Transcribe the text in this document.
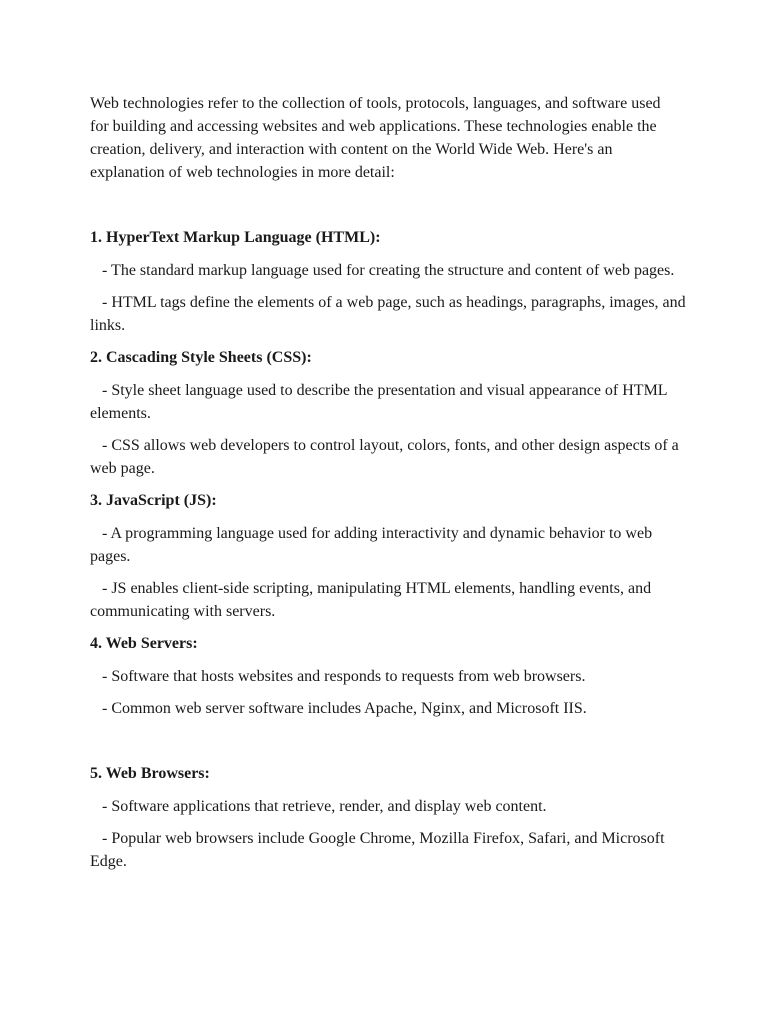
Web technologies refer to the collection of tools, protocols, languages, and software used for building and accessing websites and web applications. These technologies enable the creation, delivery, and interaction with content on the World Wide Web. Here's an explanation of web technologies in more detail:

1. HyperText Markup Language (HTML):

- The standard markup language used for creating the structure and content of web pages.

- HTML tags define the elements of a web page, such as headings, paragraphs, images, and links.

2. Cascading Style Sheets (CSS):

- Style sheet language used to describe the presentation and visual appearance of HTML elements.

- CSS allows web developers to control layout, colors, fonts, and other design aspects of a web page.

3. JavaScript (JS):

- A programming language used for adding interactivity and dynamic behavior to web pages.

- JS enables client-side scripting, manipulating HTML elements, handling events, and communicating with servers.

4. Web Servers:

- Software that hosts websites and responds to requests from web browsers.

- Common web server software includes Apache, Nginx, and Microsoft IIS.

5. Web Browsers:

- Software applications that retrieve, render, and display web content.

- Popular web browsers include Google Chrome, Mozilla Firefox, Safari, and Microsoft Edge.
